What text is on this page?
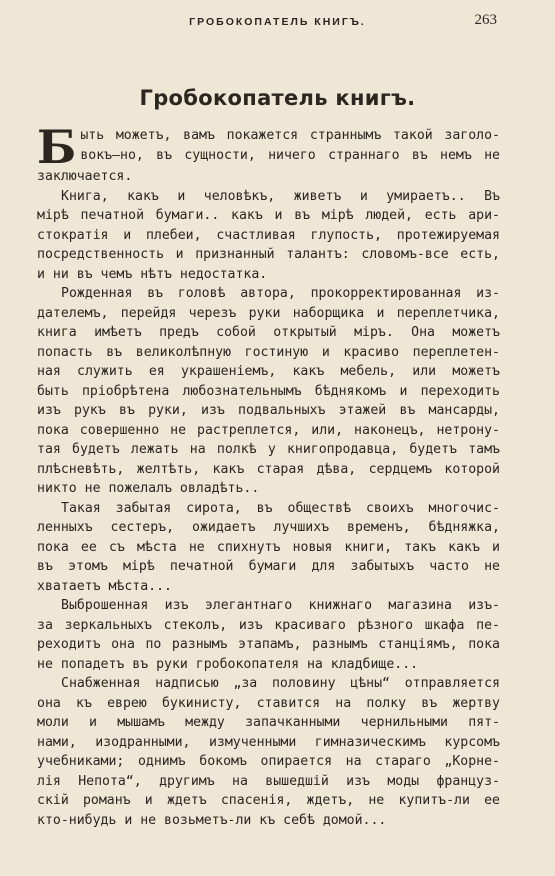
ГРОБОКОПАТЕЛЬ КНИГЪ.	263
Гробокопатель книгъ.
Б ыть можетъ, вамъ покажется страннымъ такой заголо-
вокъ—но, въ сущности, ничего страннаго въ немъ не
заключается.
Книга, какъ и человѣкъ, живетъ и умираетъ.. Въ
мірѣ печатной бумаги.. какъ и въ мірѣ людей, есть ари-
стократія и плебеи, счастливая глупость, протежируемая
посредственность и признанный талантъ: словомъ-все есть,
и ни въ чемъ нѣтъ недостатка.
Рожденная въ головѣ автора, прокорректированная из-
дателемъ, перейдя черезъ руки наборщика и переплетчика,
книга имѣетъ предъ собой открытый міръ. Она можетъ
попасть въ великолѣпную гостиную и красиво переплетен-
ная служить ея украшеніемъ, какъ мебель, или можетъ
быть пріобрѣтена любознательнымъ бѣднякомъ и переходить
изъ рукъ въ руки, изъ подвальныхъ этажей въ мансарды,
пока совершенно не растреплется, или, наконецъ, нетрону-
тая будетъ лежать на полкѣ у книгопродавца, будетъ тамъ
плѣсневѣть, желтѣть, какъ старая дѣва, сердцемъ которой
никто не пожелалъ овладѣть..
Такая забытая сирота, въ обществѣ своихъ многочис-
ленныхъ сестеръ, ожидаетъ лучшихъ временъ, бѣдняжка,
пока ее съ мѣста не спихнутъ новыя книги, такъ какъ и
въ этомъ мірѣ печатной бумаги для забытыхъ часто не
хватаетъ мѣста...
Выброшенная изъ элегантнаго книжнаго магазина изъ-
за зеркальныхъ стеколъ, изъ красиваго рѣзного шкафа пе-
реходитъ она по разнымъ этапамъ, разнымъ станціямъ, пока
не попадетъ въ руки гробокопателя на кладбище...
Снабженная надписью „за половину цѣны“ отправляется
она къ еврею букинисту, ставится на полку въ жертву
моли и мышамъ между запачканными чернильными пят-
нами, изодранными, измученными гимназическимъ курсомъ
учебниками; однимъ бокомъ опирается на стараго „Корне-
лія Непота“, другимъ на вышедшій изъ моды француз-
скій романъ и ждетъ спасенія, ждетъ, не купитъ-ли ее
кто-нибудь и не возьметъ-ли къ себѣ домой...
